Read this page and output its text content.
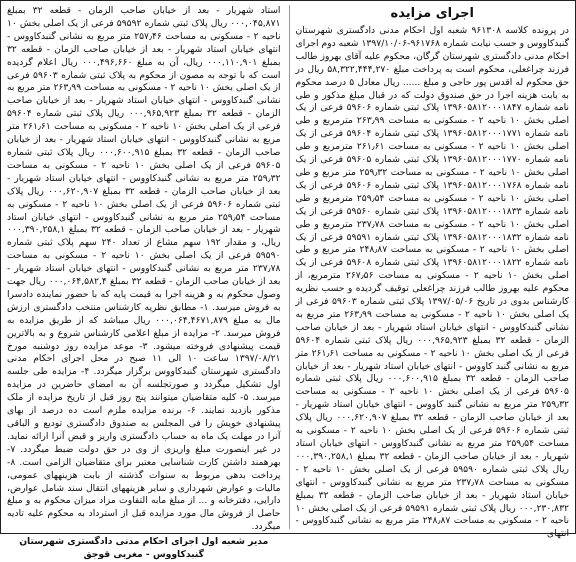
اجرای مزایده

در پرونده کلاسه ۹۶۱۳۰۸ شعبه اول احکام مدنی دادگستری شهرستان گنبدکاووس و حسب نیابت شماره ۹۶۱۷۶۸-۱۳۹۷/۱۰/۰۶ شعبه دوم اجرای احکام مدنی دادگستری شهرستان گرگان، محکوم علیه آقای بهروز طالب فرزند چراغعلی، محکوم است به پرداخت مبلغ ۵۸,۳۲۲,۴۴۴,۲۷۰ ریال در حق محکوم له اقدس پور حاجی و مبلغ ...... ریال معادل ۵ درصد محکوم به بابت هزینه اجرا در حق صندوق دولت که در قبال مبلغ مذکور و طی نامه شماره ۱۳۹۶۰۵۸۱۲۰۰۰۱۸۴۷ پلاک ثبتی شماره ۵۹۶۰۶ فرعی از یک اصلی بخش ۱۰ ناحیه ۲ - مسکونی به مساحت ۲۶۳٫۹۹ مترمربع و طی نامه شماره ۱۳۹۶۰۵۸۱۲۰۰۰۱۷۷۱ پلاک ثبتی شماره ۵۹۶۰۴ فرعی از یک اصلی بخش ۱۰ ناحیه ۲ - مسکونی به مساحت ۲۶۱٫۶۱ مترمربع و طی نامه شماره ۱۳۹۶۰۵۸۱۲۰۰۰۱۷۷۰ پلاک ثبتی شماره ۵۹۶۰۵ فرعی از یک اصلی بخش ۱۰ ناحیه ۲ - مسکونی به مساحت ۲۵۹٫۳۲ متر مربع و طی نامه شماره ۱۳۹۶۰۵۸۱۲۰۰۰۱۷۶۸ پلاک ثبتی شماره ۵۹۶۰۶ فرعی از یک اصلی بخش ۱۰ ناحیه ۲ - مسکونی به مساحت ۲۵۹٫۵۴ مترمربع و طی نامه شماره ۱۳۹۶۰۵۸۱۲۰۰۰۱۸۳۳ پلاک ثبتی شماره ۵۹۵۶۰ فرعی از یک اصلی بخش ۱۰ ناحیه ۲ - مسکونی به مساحت ۲۳۷٫۷۸ مترمربع و طی نامه شماره ۱۳۹۶۰۵۸۱۲۰۰۰۱۸۳۲ پلاک ثبتی شماره ۵۹۵۹۱ فرعی از یک اصلی بخش ۱۰ ناحیه ۲ - مسکونی به مساحت ۲۴۸٫۸۷ متر مربع و طی نامه شماره ۱۳۹۶۰۵۸۱۲۰۰۰۱۸۲۲ پلاک ثبتی شماره ۵۹۶۰۸ فرعی از یک اصلی بخش ۱۰ ناحیه ۲ - مسکونی به مساحت ۲۶۷٫۵۶ مترمربع، از محکوم علیه بهروز طالب فرزند چراغعلی توقیف گردیده و حسب نظریه کارشناس بدوی در تاریخ ۱۳۹۷/۰۵/۰۶ پلاک ثبتی شماره ۵۹۶۰۳ فرعی از یک اصلی بخش ۱۰ ناحیه ۲ - مسکونی به مساحت ۲۶۳٫۹۹ متر مربع به نشانی گنبدکاووس - انتهای خیابان استاد شهریار - بعد از خیابان صاحب الزمان - قطعه ۳۲ بمبلغ ۰۰۰,۹۶۵,۹۲۳ ریال پلاک ثبتی شماره ۵۹۶۰۴ فرعی از یک اصلی بخش ۱۰ ناحیه ۲ - مسکونی به مساحت ۲۶۱٫۶۱ متر مربع به نشانی گنبد کاووس - انتهای خیابان استاد شهریار - بعد از خیابان صاحب الزمان - قطعه ۳۲ بمبلغ ۰۰۰,۶۰۰,۹۱۵ ریال پلاک ثبتی شماره ۵۹۶۰۵ فرعی از یک اصلی بخش ۱۰ ناحیه ۲ - مسکونی به مساحت ۲۵۹٫۳۲ متر مربع به نشانی گنبد کاووس - انتهای خیابان استاد شهریار - بعد از خیابان صاحب الزمان - قطعه ۳۲ بمبلغ ۰۰۰,۶۲۰,۹۰۷ ریال پلاک ثبتی شماره ۵۹۶۰۶ فرعی از یک اصلی بخش ۱۰ ناحیه ۲ - مسکونی به مساحت ۲۵۹٫۵۴ متر مربع به نشانی گنبدکاووس - انتهای خیابان استاد شهریار - بعد از خیابان صاحب الزمان - قطعه ۳۲ بمبلغ ۰۰۰,۳۹۰,۲۵۸,۱ ریال پلاک ثبتی شماره ۵۹۵۹۰ فرعی از یک اصلی بخش ۱۰ ناحیه ۲ - مسکونی به مساحت ۲۳۷٫۷۸ متر مربع به نشانی گنبدکاووس - انتهای خیابان استاد شهریار - بعد از خیابان صاحب الزمان - قطعه ۳۲ بمبلغ ۰۰۰,۲۳۰,۸۳۲ ریال پلاک ثبتی شماره ۵۹۵۹۱ فرعی از یک اصلی بخش ۱۰ ناحیه ۲ - مسکونی به مساحت ۲۴۸٫۸۷ متر مربع به نشانی گنبدکاووس - انتهای

استاد شهریار - بعد از خیابان صاحب الزمان - قطعه ۳۲ بمبلغ ۰۰۰,۰۴۵,۸۷۱ ریال پلاک ثبتی شماره ۵۹۵۹۲ فرعی از یک اصلی بخش ۱۰ ناحیه ۲ - مسکونی به مساحت ۲۵۷٫۴۶ متر مربع به نشانی گنبدکاووس - انتهای خیابان استاد شهریار - بعد از خیابان صاحب الزمان - قطعه ۳۲ بمبلغ ۰۰۰,۱۱۰,۹۰۱ ریال، آن به مبلغ ۰۰۰,۴۹۶,۶۶۰ ریال اعلام گردیده است که با توجه به مصون از محکوم به پلاک ثبتی شماره ۵۹۶۰۳ فرعی از یک اصلی بخش ۱۰ ناحیه ۲ - مسکونی به مساحت ۲۶۳٫۹۹ متر مربع به نشانی گنبدکاووس - انتهای خیابان استاد شهریار - بعد از خیابان صاحب الزمان - قطعه ۳۲ بمبلغ ۰۰۰,۹۶۵,۹۲۳ ریال پلاک ثبتی شماره ۵۹۶۰۴ فرعی از یک اصلی بخش ۱۰ ناحیه ۲ - مسکونی به مساحت ۲۶۱٫۶۱ متر مربع به نشانی گنبدکاووس - انتهای خیابان استاد شهریار - بعد از خیابان صاحب الزمان - قطعه ۳۲ بمبلغ ۰۰۰,۶۰۰,۹۱۵ ریال پلاک ثبتی شماره ۵۹۶۰۵ فرعی از یک اصلی بخش ۱۰ ناحیه ۲ - مسکونی به مساحت ۲۵۹٫۳۲ متر مربع به نشانی گنبدکاووس - انتهای خیابان استاد شهریار - بعد از خیابان صاحب الزمان - قطعه ۳۲ بمبلغ ۰۰۰,۶۲۰,۹۰۷ ریال پلاک ثبتی شماره ۵۹۶۰۶ فرعی از یک اصلی بخش ۱۰ ناحیه ۲ - مسکونی به مساحت ۲۵۹٫۵۴ متر مربع به نشانی گنبدکاووس - انتهای خیابان استاد شهریار - بعد از خیابان صاحب الزمان - قطعه ۳۲ بمبلغ ۰۰۰,۳۹۰,۲۵۸,۱ ریال، و مقدار ۱۹۲ سهم مشاع از تعداد ۲۴۰ سهم پلاک ثبتی شماره ۵۹۵۹۰ فرعی از یک اصلی بخش ۱۰ ناحیه ۲ - مسکونی به مساحت ۲۳۷٫۷۸ متر مربع به نشانی گنبدکاووس - انتهای خیابان استاد شهریار - بعد از خیابان صاحب الزمان - قطعه ۳۲ بمبلغ ۰۰۰,۰۶۴,۵۸۲,۴ ریال جهت وصول محکوم به و هزینه اجرا به قیمت پایه که با حضور نماینده دادسرا به فروش میرسد. ۱- مطابق نظریه کارشناس منتخب دادگستری ارزش مال به مبلغ ۰۰۰,۰۶۴,۴۶۷۱,۸۷۹ ریال میباشد که از طریق مزایده به فروش میرسد. ۲- مزایده از مبلغ اعلامی کارشناس شروع و به بالاترین قیمت پیشنهادی فروخته میشود. ۳- موعد مزایده روز دوشنبه مورخ ۱۳۹۷/۰۸/۲۱ ساعت ۱۰ الی ۱۱ صبح در محل اجرای احکام مدنی دادگستری شهرستان گنبدکاووس برگزار میگردد. ۴- مزایده طی جلسه اول تشکیل میگردد و صورتجلسه آن به امضای حاضرین در مزایده میرسد. ۵- کلیه متقاضیان میتوانند پنج روز قبل از تاریخ مزایده از ملک مذکور بازدید نمایند. ۶- برنده مزایده ملزم است ده درصد از بهای پیشنهادی خویش را فی المجلس به صندوق دادگستری تودیع و الباقی آنرا در مهلت یک ماه به حساب دادگستری واریز و قبض آنرا ارائه نماید. در غیر اینصورت مبلغ واریزی از وی در حق دولت ضبط میگردد. ۷- بهرهمند داشتن کارت شناسایی معتبر برای متقاضیان الزامی است. ۸- پرداخت بدهی مربوط به سنوات گذشته از بابت هزینههای عمومی، مالیات و عوارض شهرداری و سایر هزینههای انتقال سند شامل عوارض، دارایی، دفترخانه و ... از مبلغ مابه التفاوت مزاد میزان محکوم به و مبلغ حاصل از فروش مال مورد مزایده قبل از استرداد به محکوم علیه تادیه میگردد.

مدیر شعبه اول اجرای احکام مدنی دادگستری شهرستان گنبدکاووس - مغربی قوجق
